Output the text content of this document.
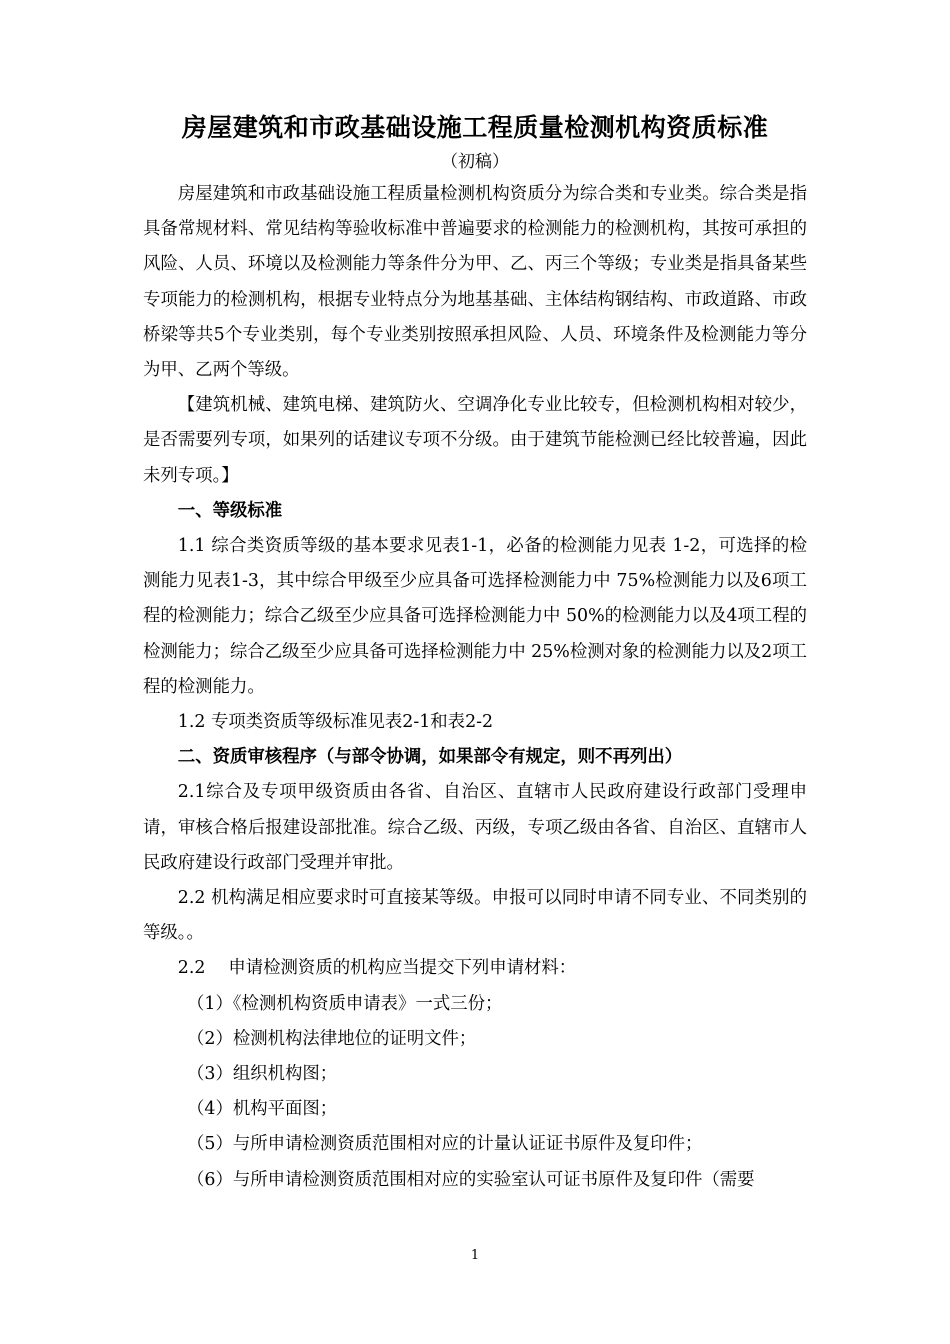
房屋建筑和市政基础设施工程质量检测机构资质标准
（初稿）

房屋建筑和市政基础设施工程质量检测机构资质分为综合类和专业类。综合类是指具备常规材料、常见结构等验收标准中普遍要求的检测能力的检测机构，其按可承担的风险、人员、环境以及检测能力等条件分为甲、乙、丙三个等级；专业类是指具备某些专项能力的检测机构，根据专业特点分为地基基础、主体结构钢结构、市政道路、市政桥梁等共5个专业类别，每个专业类别按照承担风险、人员、环境条件及检测能力等分为甲、乙两个等级。

【建筑机械、建筑电梯、建筑防火、空调净化专业比较专，但检测机构相对较少，是否需要列专项，如果列的话建议专项不分级。由于建筑节能检测已经比较普遍，因此未列专项。】

一、等级标准

1.1 综合类资质等级的基本要求见表1-1，必备的检测能力见表 1-2，可选择的检测能力见表1-3，其中综合甲级至少应具备可选择检测能力中 75%检测能力以及6项工程的检测能力；综合乙级至少应具备可选择检测能力中 50%的检测能力以及4项工程的检测能力；综合乙级至少应具备可选择检测能力中 25%检测对象的检测能力以及2项工程的检测能力。

1.2 专项类资质等级标准见表2-1和表2-2

二、资质审核程序（与部令协调，如果部令有规定，则不再列出）

2.1综合及专项甲级资质由各省、自治区、直辖市人民政府建设行政部门受理申请，审核合格后报建设部批准。综合乙级、丙级，专项乙级由各省、自治区、直辖市人民政府建设行政部门受理并审批。

2.2 机构满足相应要求时可直接某等级。申报可以同时申请不同专业、不同类别的等级。。

2.2　 申请检测资质的机构应当提交下列申请材料：

（1）《检测机构资质申请表》一式三份；

（2）检测机构法律地位的证明文件；

（3）组织机构图；

（4）机构平面图；

（5）与所申请检测资质范围相对应的计量认证证书原件及复印件；

（6）与所申请检测资质范围相对应的实验室认可证书原件及复印件（需要

1
